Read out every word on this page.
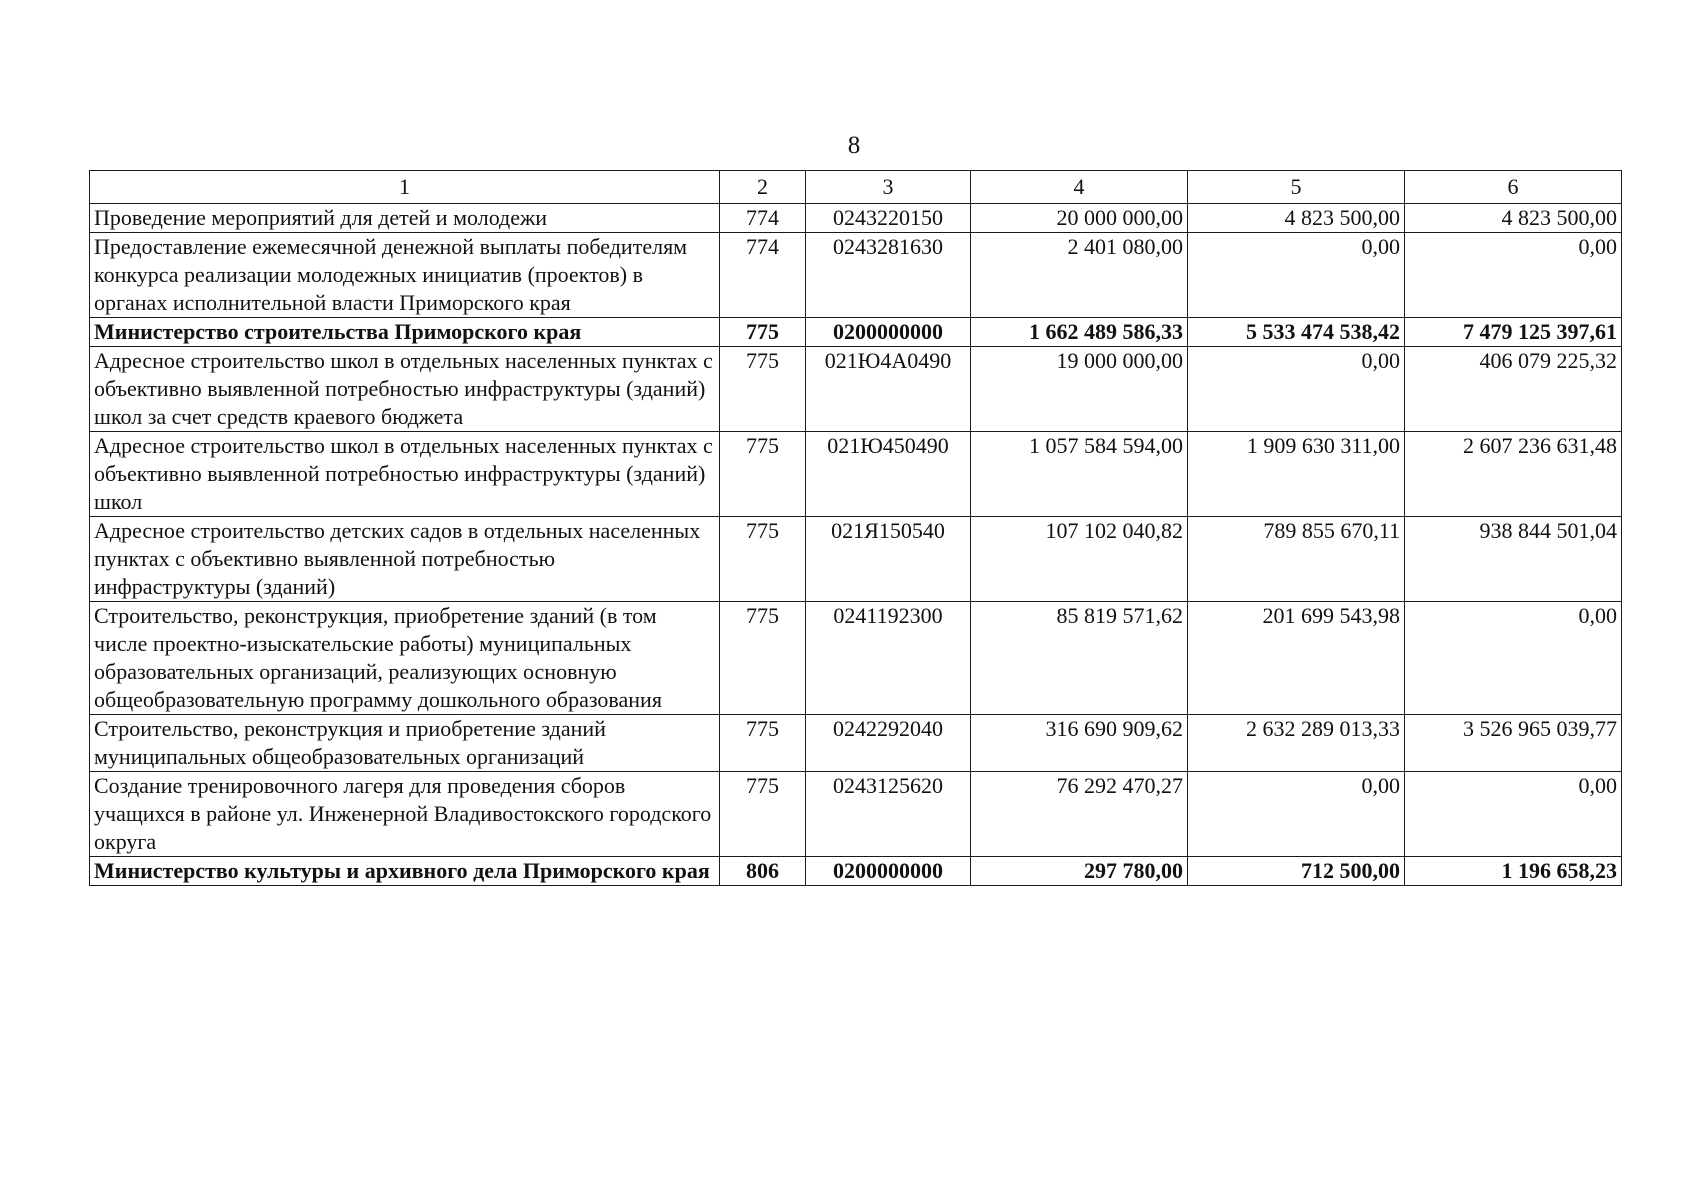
8
1	2	3	4	5	6
Проведение мероприятий для детей и молодежи	774	0243220150	20 000 000,00	4 823 500,00	4 823 500,00
Предоставление ежемесячной денежной выплаты победителям конкурса реализации молодежных инициатив (проектов) в органах исполнительной власти Приморского края	774	0243281630	2 401 080,00	0,00	0,00
Министерство строительства Приморского края	775	0200000000	1 662 489 586,33	5 533 474 538,42	7 479 125 397,61
Адресное строительство школ в отдельных населенных пунктах с объективно выявленной потребностью инфраструктуры (зданий) школ за счет средств краевого бюджета	775	021Ю4А0490	19 000 000,00	0,00	406 079 225,32
Адресное строительство школ в отдельных населенных пунктах с объективно выявленной потребностью инфраструктуры (зданий) школ	775	021Ю450490	1 057 584 594,00	1 909 630 311,00	2 607 236 631,48
Адресное строительство детских садов в отдельных населенных пунктах с объективно выявленной потребностью инфраструктуры (зданий)	775	021Я150540	107 102 040,82	789 855 670,11	938 844 501,04
Строительство, реконструкция, приобретение зданий (в том числе проектно-изыскательские работы) муниципальных образовательных организаций, реализующих основную общеобразовательную программу дошкольного образования	775	0241192300	85 819 571,62	201 699 543,98	0,00
Строительство, реконструкция и приобретение зданий муниципальных общеобразовательных организаций	775	0242292040	316 690 909,62	2 632 289 013,33	3 526 965 039,77
Создание тренировочного лагеря для проведения сборов учащихся в районе ул. Инженерной Владивостокского городского округа	775	0243125620	76 292 470,27	0,00	0,00
Министерство культуры и архивного дела Приморского края	806	0200000000	297 780,00	712 500,00	1 196 658,23
